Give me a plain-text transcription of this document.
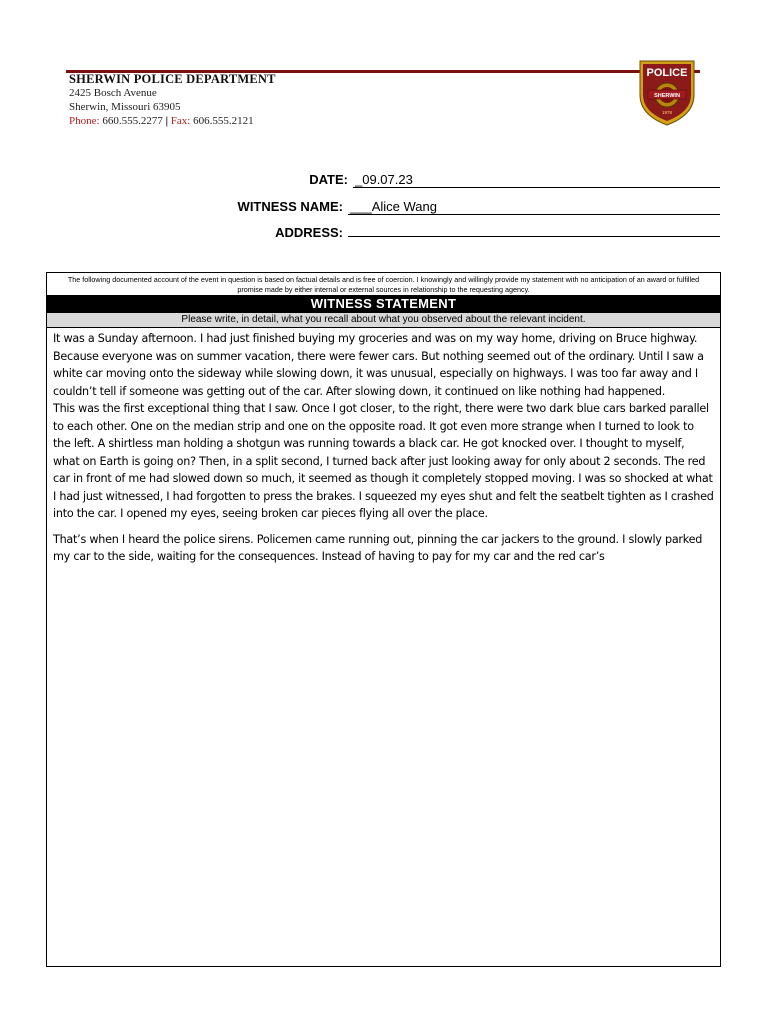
SHERWIN POLICE DEPARTMENT
2425 Bosch Avenue
Sherwin, Missouri 63905
Phone: 660.555.2277 | Fax: 606.555.2121
POLICE
SHERWIN
1978
DATE: _09.07.23
WITNESS NAME: ___Alice Wang
ADDRESS:
The following documented account of the event in question is based on factual details and is free of coercion. I knowingly and willingly provide my statement with no anticipation of an award or fulfilled promise made by either internal or external sources in relationship to the requesting agency.
WITNESS STATEMENT
Please write, in detail, what you recall about what you observed about the relevant incident.

It was a Sunday afternoon. I had just finished buying my groceries and was on my way home, driving on Bruce highway. Because everyone was on summer vacation, there were fewer cars. But nothing seemed out of the ordinary. Until I saw a white car moving onto the sideway while slowing down, it was unusual, especially on highways. I was too far away and I couldn’t tell if someone was getting out of the car. After slowing down, it continued on like nothing had happened.

This was the first exceptional thing that I saw. Once I got closer, to the right, there were two dark blue cars barked parallel to each other. One on the median strip and one on the opposite road. It got even more strange when I turned to look to the left. A shirtless man holding a shotgun was running towards a black car. He got knocked over. I thought to myself, what on Earth is going on? Then, in a split second, I turned back after just looking away for only about 2 seconds. The red car in front of me had slowed down so much, it seemed as though it completely stopped moving. I was so shocked at what I had just witnessed, I had forgotten to press the brakes. I squeezed my eyes shut and felt the seatbelt tighten as I crashed into the car. I opened my eyes, seeing broken car pieces flying all over the place.

That’s when I heard the police sirens. Policemen came running out, pinning the car jackers to the ground. I slowly parked my car to the side, waiting for the consequences. Instead of having to pay for my car and the red car’s
